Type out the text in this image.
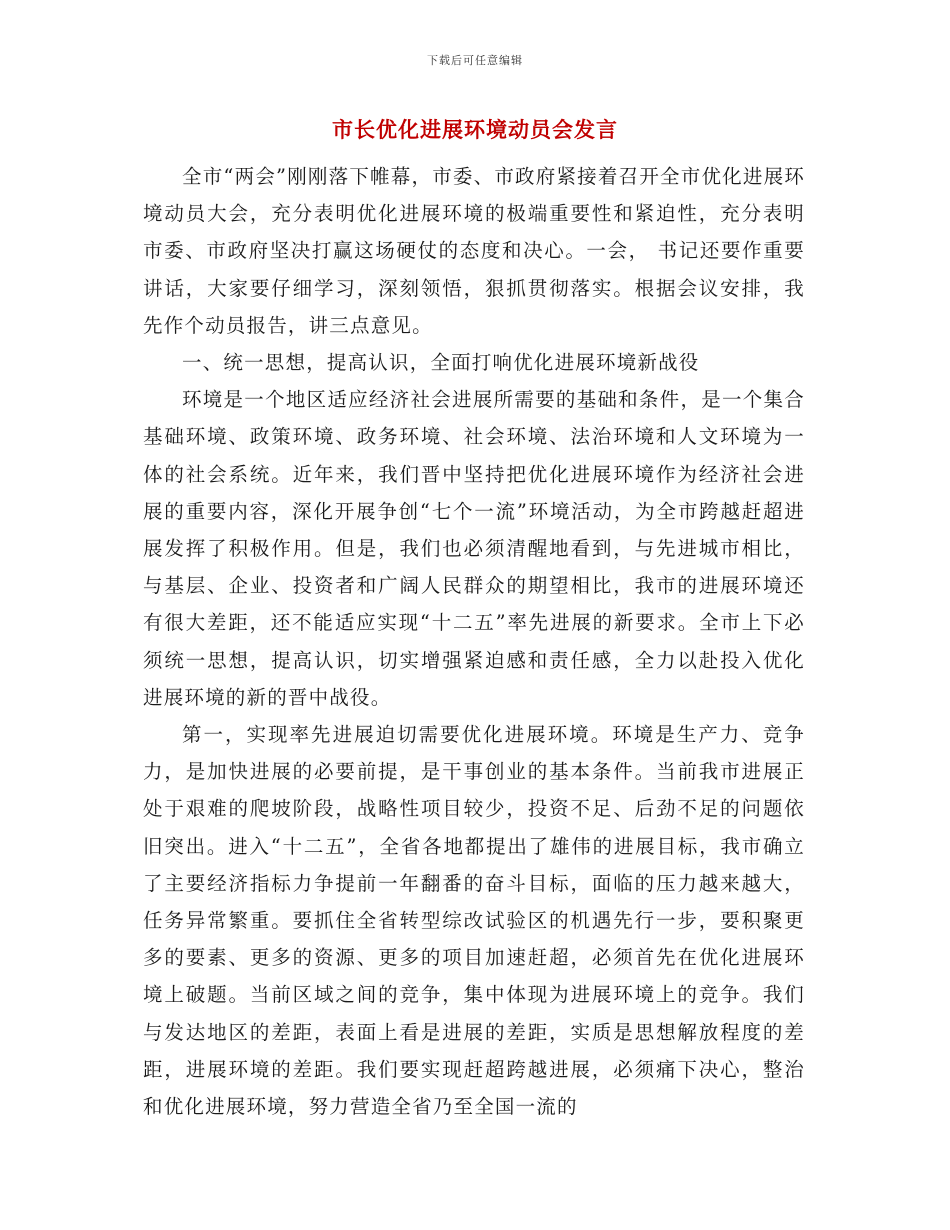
下载后可任意编辑
市长优化进展环境动员会发言

全市“两会”刚刚落下帷幕，市委、市政府紧接着召开全市优化进展环境动员大会，充分表明优化进展环境的极端重要性和紧迫性，充分表明市委、市政府坚决打赢这场硬仗的态度和决心。一会， 书记还要作重要讲话，大家要仔细学习，深刻领悟，狠抓贯彻落实。根据会议安排，我先作个动员报告，讲三点意见。

一、统一思想，提高认识，全面打响优化进展环境新战役

环境是一个地区适应经济社会进展所需要的基础和条件，是一个集合基础环境、政策环境、政务环境、社会环境、法治环境和人文环境为一体的社会系统。近年来，我们晋中坚持把优化进展环境作为经济社会进展的重要内容，深化开展争创“七个一流”环境活动，为全市跨越赶超进展发挥了积极作用。但是，我们也必须清醒地看到，与先进城市相比，与基层、企业、投资者和广阔人民群众的期望相比，我市的进展环境还有很大差距，还不能适应实现“十二五”率先进展的新要求。全市上下必须统一思想，提高认识，切实增强紧迫感和责任感，全力以赴投入优化进展环境的新的晋中战役。

第一，实现率先进展迫切需要优化进展环境。环境是生产力、竞争力，是加快进展的必要前提，是干事创业的基本条件。当前我市进展正处于艰难的爬坡阶段，战略性项目较少，投资不足、后劲不足的问题依旧突出。进入“十二五”，全省各地都提出了雄伟的进展目标，我市确立了主要经济指标力争提前一年翻番的奋斗目标，面临的压力越来越大，任务异常繁重。要抓住全省转型综改试验区的机遇先行一步，要积聚更多的要素、更多的资源、更多的项目加速赶超，必须首先在优化进展环境上破题。当前区域之间的竞争，集中体现为进展环境上的竞争。我们与发达地区的差距，表面上看是进展的差距，实质是思想解放程度的差距，进展环境的差距。我们要实现赶超跨越进展，必须痛下决心，整治和优化进展环境，努力营造全省乃至全国一流的
